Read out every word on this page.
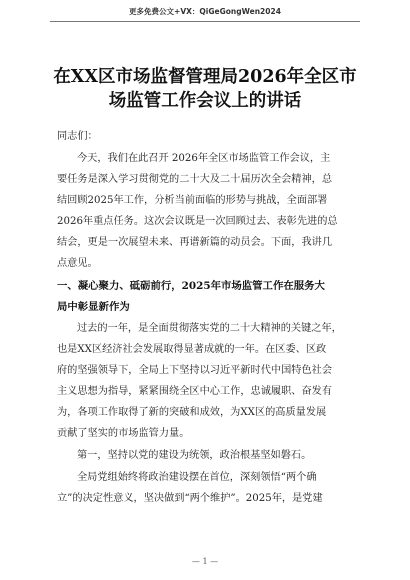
更多免费公文+VX：QiGeGongWen2024
在XX区市场监督管理局2026年全区市
场监管工作会议上的讲话
同志们：
今天，我们在此召开 2026年全区市场监管工作会议，主
要任务是深入学习贯彻党的二十大及二十届历次全会精神，总
结回顾2025年工作，分析当前面临的形势与挑战，全面部署
2026年重点任务。这次会议既是一次回顾过去、表彰先进的总
结会，更是一次展望未来、再谱新篇的动员会。下面，我讲几
点意见。
一、凝心聚力、砥砺前行，2025年市场监管工作在服务大
局中彰显新作为
过去的一年，是全面贯彻落实党的二十大精神的关键之年，
也是XX区经济社会发展取得显著成就的一年。在区委、区政
府的坚强领导下，全局上下坚持以习近平新时代中国特色社会
主义思想为指导，紧紧围绕全区中心工作，忠诚履职、奋发有
为，各项工作取得了新的突破和成效，为XX区的高质量发展
贡献了坚实的市场监管力量。
第一，坚持以党的建设为统领，政治根基坚如磐石。
全局党组始终将政治建设摆在首位，深刻领悟“两个确
立”的决定性意义，坚决做到“两个维护”。2025年，是党建
— 1 —
